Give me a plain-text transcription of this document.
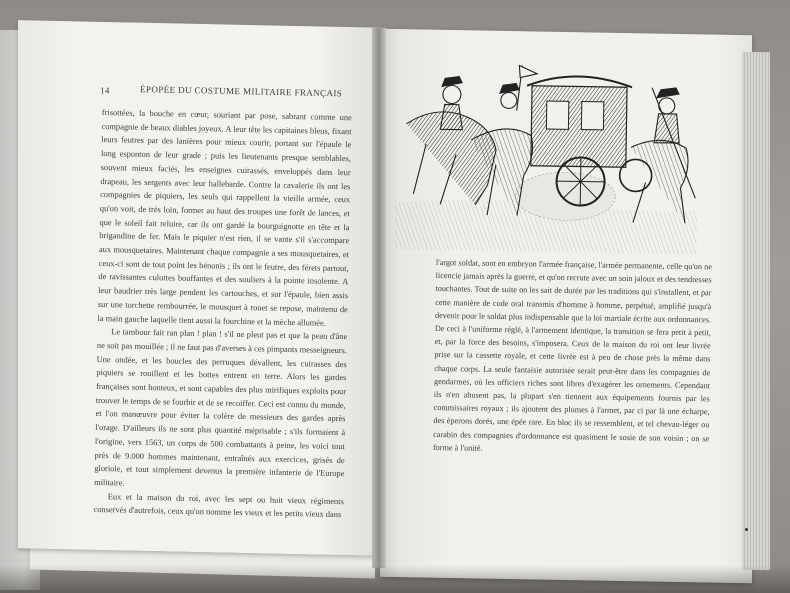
14	ÉPOPÉE DU COSTUME MILITAIRE FRANÇAIS

frisottées, la bouche en cœur, souriant par pose, sabrant comme une compagnie de beaux diables joyeux. A leur tête les capitaines bleus, fixant leurs feutres par des lanières pour mieux courir, portant sur l'épaule le long esponton de leur grade ; puis les lieutenants presque semblables, souvent mieux faciés, les enseignes cuirassés, enveloppés dans leur drapeau, les sergents avec leur hallebarde. Contre la cavalerie ils ont les compagnies de piquiers, les seuls qui rappellent la vieille armée, ceux qu'on voit, de très loin, former au haut des troupes une forêt de lances, et que le soleil fait reluire, car ils ont gardé la bourguignotte en tête et la brigandine de fer. Mais le piquier n'est rien, il se vante s'il s'accompare aux mousquetaires. Maintenant chaque compagnie a ses mousquetaires, et ceux-ci sont de tout point les bénonis ; ils ont le feutre, des férets partout, de ravissantes culottes bouffantes et des souliers à la pointe insolente. A leur baudrier très large pendent les cartouches, et sur l'épaule, bien assis sur une torchette rembourrée, le mousquet à rouet se repose, maintenu de la main gauche laquelle tient aussi la fourchine et la mèche allumée.

Le tambour fait ran plan ! plan ! s'il ne pleut pas et que la peau d'âne ne soit pas mouillée ; il ne faut pas d'averses à ces pimpants messeigneurs. Une ondée, et les boucles des perruques dévallent, les cuirasses des piquiers se rouillent et les bottes entrent en terre. Alors les gardes françaises sont honteux, et sont capables des plus mirifiques exploits pour trouver le temps de se fourbir et de se recoiffer. Ceci est connu du monde, et l'on manœuvre pour éviter la colère de messieurs des gardes après l'orage. D'ailleurs ils ne sont plus quantité méprisable ; s'ils formaient à l'origine, vers 1563, un corps de 500 combattants à peine, les voici tout près de 9.000 hommes maintenant, entraînés aux exercices, grisés de gloriole, et tout simplement devenus la première infanterie de l'Europe militaire.

Eux et la maison du roi, avec les sept ou huit vieux régiments conservés d'autrefois, ceux qu'on nomme les vieux et les petits vieux dans

l'argot soldat, sont en embryon l'armée française, l'armée permanente, celle qu'on ne licencie jamais après la guerre, et qu'on recrute avec un soin jaloux et des tendresses touchantes. Tout de suite on les sait de durée par les traditions qui s'installent, et par cette manière de code oral transmis d'homme à homme, perpétué, amplifié jusqu'à devenir pour le soldat plus indispensable que la loi martiale écrite aux ordonnances. De ceci à l'uniforme réglé, à l'armement identique, la transition se fera petit à petit, et, par la force des besoins, s'imposera. Ceux de la maison du roi ont leur livrée prise sur la cassette royale, et cette livrée est à peu de chose près la même dans chaque corps. La seule fantaisie autorisée serait peut-être dans les compagnies de gendarmes, où les officiers riches sont libres d'exagérer les ornements. Cependant ils n'en abusent pas, la plupart s'en tiennent aux équipements fournis par les commissaires royaux ; ils ajoutent des plumes à l'armet, par ci par là une écharpe, des éperons dorés, une épée rare. En bloc ils se ressemblent, et tel chevau-léger ou carabin des compagnies d'ordonnance est quasiment le sosie de son voisin ; on se forme à l'unité.
